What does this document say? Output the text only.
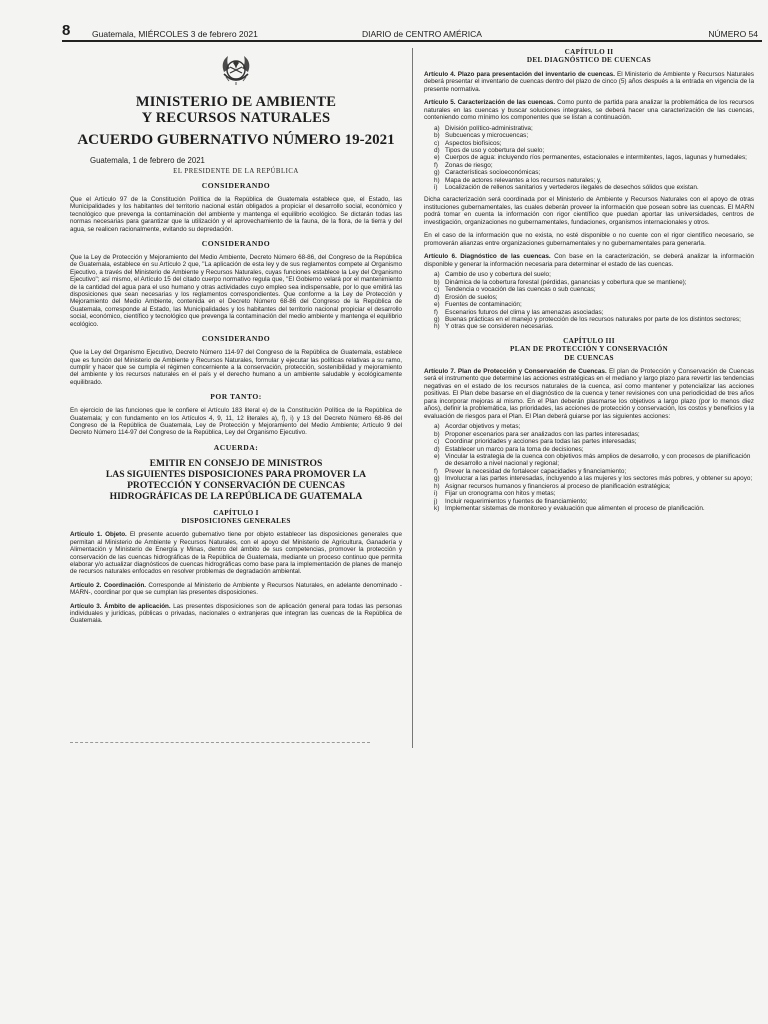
8	Guatemala, MIÉRCOLES 3 de febrero 2021	DIARIO de CENTRO AMÉRICA	NÚMERO 54
MINISTERIO DE AMBIENTE
Y RECURSOS NATURALES
ACUERDO GUBERNATIVO NÚMERO 19-2021
Guatemala, 1 de febrero de 2021
EL PRESIDENTE DE LA REPÚBLICA
CONSIDERANDO

Que el Artículo 97 de la Constitución Política de la República de Guatemala establece que, el Estado, las Municipalidades y los habitantes del territorio nacional están obligados a propiciar el desarrollo social, económico y tecnológico que prevenga la contaminación del ambiente y mantenga el equilibrio ecológico. Se dictarán todas las normas necesarias para garantizar que la utilización y el aprovechamiento de la fauna, de la flora, de la tierra y del agua, se realicen racionalmente, evitando su depredación.

CONSIDERANDO

Que la Ley de Protección y Mejoramiento del Medio Ambiente, Decreto Número 68-86, del Congreso de la República de Guatemala, establece en su Artículo 2 que, "La aplicación de esta ley y de sus reglamentos compete al Organismo Ejecutivo, a través del Ministerio de Ambiente y Recursos Naturales, cuyas funciones establece la Ley del Organismo Ejecutivo"; así mismo, el Artículo 15 del citado cuerpo normativo regula que, "El Gobierno velará por el mantenimiento de la cantidad del agua para el uso humano y otras actividades cuyo empleo sea indispensable, por lo que emitirá las disposiciones que sean necesarias y los reglamentos correspondientes. Que conforme a la Ley de Protección y Mejoramiento del Medio Ambiente, contenida en el Decreto Número 68-86 del Congreso de la República de Guatemala, corresponde al Estado, las Municipalidades y los habitantes del territorio nacional propiciar el desarrollo social, económico, científico y tecnológico que prevenga la contaminación del medio ambiente y mantenga el equilibrio ecológico.

CONSIDERANDO

Que la Ley del Organismo Ejecutivo, Decreto Número 114-97 del Congreso de la República de Guatemala, establece que es función del Ministerio de Ambiente y Recursos Naturales, formular y ejecutar las políticas relativas a su ramo, cumplir y hacer que se cumpla el régimen concerniente a la conservación, protección, sostenibilidad y mejoramiento del ambiente y los recursos naturales en el país y el derecho humano a un ambiente saludable y ecológicamente equilibrado.

POR TANTO:

En ejercicio de las funciones que le confiere el Artículo 183 literal e) de la Constitución Política de la República de Guatemala; y con fundamento en los Artículos 4, 9, 11, 12 literales a), f), i) y 13 del Decreto Número 68-86 del Congreso de la República de Guatemala, Ley de Protección y Mejoramiento del Medio Ambiente; Artículo 9 del Decreto Número 114-97 del Congreso de la República, Ley del Organismo Ejecutivo.

ACUERDA:
EMITIR EN CONSEJO DE MINISTROS
LAS SIGUIENTES DISPOSICIONES PARA PROMOVER LA
PROTECCIÓN Y CONSERVACIÓN DE CUENCAS
HIDROGRÁFICAS DE LA REPÚBLICA DE GUATEMALA
CAPÍTULO I
DISPOSICIONES GENERALES

Artículo 1. Objeto. El presente acuerdo gubernativo tiene por objeto establecer las disposiciones generales que permitan al Ministerio de Ambiente y Recursos Naturales, con el apoyo del Ministerio de Agricultura, Ganadería y Alimentación y Ministerio de Energía y Minas, dentro del ámbito de sus competencias, promover la protección y conservación de las cuencas hidrográficas de la República de Guatemala, mediante un proceso continuo que permita elaborar y/o actualizar diagnósticos de cuencas hidrográficas como base para la implementación de planes de manejo de recursos naturales enfocados en resolver problemas de degradación ambiental.

Artículo 2. Coordinación. Corresponde al Ministerio de Ambiente y Recursos Naturales, en adelante denominado -MARN-, coordinar por que se cumplan las presentes disposiciones.

Artículo 3. Ámbito de aplicación. Las presentes disposiciones son de aplicación general para todas las personas individuales y jurídicas, públicas o privadas, nacionales o extranjeras que integran las cuencas de la República de Guatemala.

CAPÍTULO II
DEL DIAGNÓSTICO DE CUENCAS

Artículo 4. Plazo para presentación del inventario de cuencas. El Ministerio de Ambiente y Recursos Naturales deberá presentar el inventario de cuencas dentro del plazo de cinco (5) años después a la entrada en vigencia de la presente normativa.

Artículo 5. Caracterización de las cuencas. Como punto de partida para analizar la problemática de los recursos naturales en las cuencas y buscar soluciones integrales, se deberá hacer una caracterización de las cuencas, conteniendo como mínimo los componentes que se listan a continuación.

a) División político-administrativa;
b) Subcuencas y microcuencas;
c) Aspectos biofísicos;
d) Tipos de uso y cobertura del suelo;
e) Cuerpos de agua: incluyendo ríos permanentes, estacionales e intermitentes, lagos, lagunas y humedales;
f)	Zonas de riesgo;
g) Características socioeconómicas;
h) Mapa de actores relevantes a los recursos naturales; y,
i)	Localización de rellenos sanitarios y vertederos ilegales de desechos sólidos que existan.

Dicha caracterización será coordinada por el Ministerio de Ambiente y Recursos Naturales con el apoyo de otras instituciones gubernamentales, las cuales deberán proveer la información que posean sobre las cuencas. El MARN podrá tomar en cuenta la información con rigor científico que puedan aportar las universidades, centros de investigación, organizaciones no gubernamentales, fundaciones, organismos internacionales y otros.

En el caso de la información que no exista, no esté disponible o no cuente con el rigor científico necesario, se promoverán alianzas entre organizaciones gubernamentales y no gubernamentales para generarla.

Artículo 6. Diagnóstico de las cuencas. Con base en la caracterización, se deberá analizar la información disponible y generar la información necesaria para determinar el estado de las cuencas.

a) Cambio de uso y cobertura del suelo;
b) Dinámica de la cobertura forestal (pérdidas, ganancias y cobertura que se mantiene);
c) Tendencia o vocación de las cuencas o sub cuencas;
d) Erosión de suelos;
e) Fuentes de contaminación;
f)	Escenarios futuros del clima y las amenazas asociadas;
g) Buenas prácticas en el manejo y protección de los recursos naturales por parte de los distintos sectores;
h) Y otras que se consideren necesarias.
CAPÍTULO III
PLAN DE PROTECCIÓN Y CONSERVACIÓN
DE CUENCAS

Artículo 7. Plan de Protección y Conservación de Cuencas. El plan de Protección y Conservación de Cuencas será el instrumento que determine las acciones estratégicas en el mediano y largo plazo para revertir las tendencias negativas en el estado de los recursos naturales de la cuenca, así como mantener y potencializar las acciones positivas. El Plan debe basarse en el diagnóstico de la cuenca y tener revisiones con una periodicidad de tres años para incorporar mejoras al mismo. En el Plan deberán plasmarse los objetivos a largo plazo (por lo menos diez años), definir la problemática, las prioridades, las acciones de protección y conservación, los costos y beneficios y la evaluación de riesgos para el Plan. El Plan deberá guiarse por las siguientes acciones:

a) Acordar objetivos y metas;
b) Proponer escenarios para ser analizados con las partes interesadas;
c) Coordinar prioridades y acciones para todas las partes interesadas;
d) Establecer un marco para la toma de decisiones;
e) Vincular la estrategia de la cuenca con objetivos más amplios de desarrollo, y con procesos de planificación de desarrollo a nivel nacional y regional;
f)	Prever la necesidad de fortalecer capacidades y financiamiento;
g) Involucrar a las partes interesadas, incluyendo a las mujeres y los sectores más pobres, y obtener su apoyo;
h) Asignar recursos humanos y financieros al proceso de planificación estratégica;
i)	Fijar un cronograma con hitos y metas;
j)	Incluir requerimientos y fuentes de financiamiento;
k) Implementar sistemas de monitoreo y evaluación que alimenten el proceso de planificación.
